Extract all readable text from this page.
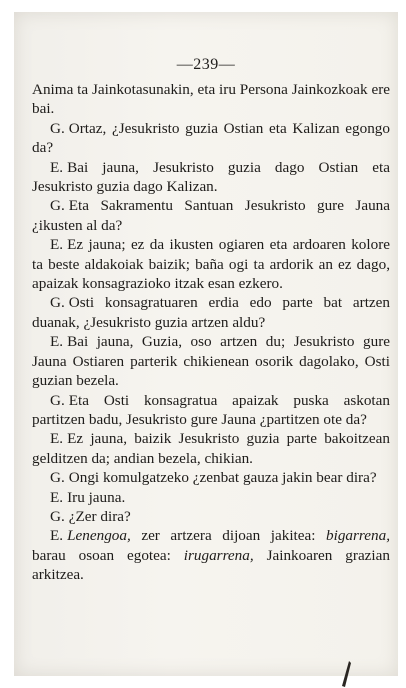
—239—

Anima ta Jainkotasunakin, eta iru Persona Jainkozkoak ere bai.

G. Ortaz, ¿Jesukristo guzia Ostian eta Kalizan egongo da?

E. Bai jauna, Jesukristo guzia dago Ostian eta Jesukristo guzia dago Kalizan.

G. Eta Sakramentu Santuan Jesukristo gure Jauna ¿ikusten al da?

E. Ez jauna; ez da ikusten ogiaren eta ardoaren kolore ta beste aldakoiak baizik; baña ogi ta ardorik an ez dago, apaizak konsagrazioko itzak esan ezkero.

G. Osti konsagratuaren erdia edo parte bat artzen duanak, ¿Jesukristo guzia artzen aldu?

E. Bai jauna, Guzia, oso artzen du; Jesukristo gure Jauna Ostiaren parterik chikienean osorik dagolako, Osti guzian bezela.

G. Eta Osti konsagratua apaizak puska askotan partitzen badu, Jesukristo gure Jauna ¿partitzen ote da?

E. Ez jauna, baizik Jesukristo guzia parte bakoitzean gelditzen da; andian bezela, chikian.

G. Ongi komulgatzeko ¿zenbat gauza jakin bear dira?

E. Iru jauna.

G. ¿Zer dira?

E. Lenengoa, zer artzera dijoan jakitea: bigarrena, barau osoan egotea: irugarrena, Jainkoaren grazian arkitzea.
